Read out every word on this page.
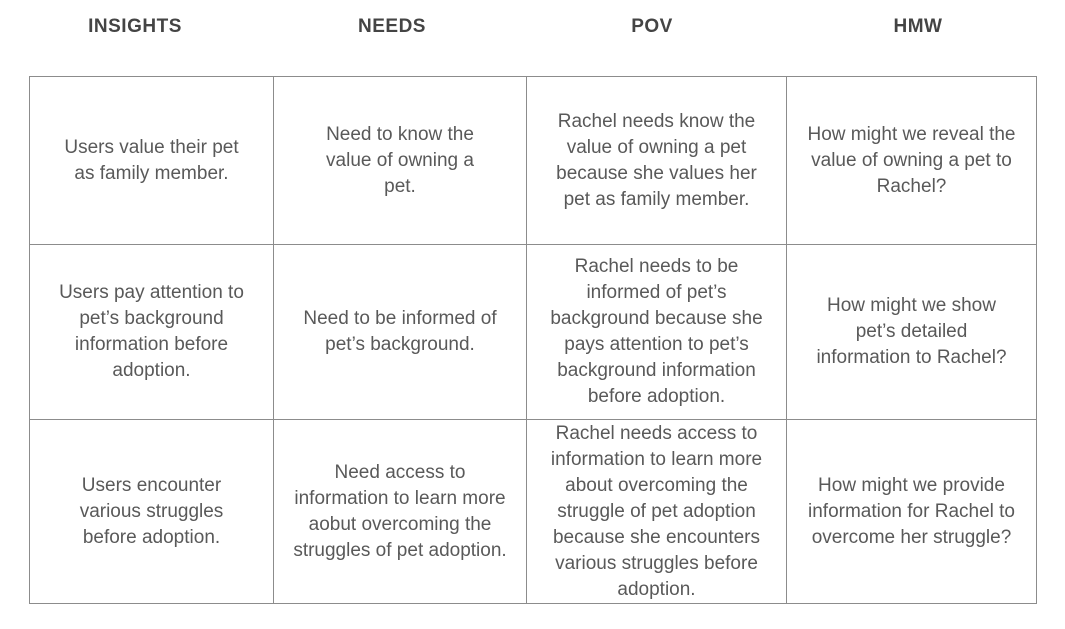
INSIGHTS	NEEDS	POV	HMW
Users value their pet as family member.	Need to know the value of owning a pet.	Rachel needs know the value of owning a pet because she values her pet as family member.	How might we reveal the value of owning a pet to Rachel?

Users pay attention to pet’s background information before adoption.	Need to be informed of pet’s background.	Rachel needs to be informed of pet’s background because she pays attention to pet’s background information before adoption.	How might we show pet’s detailed information to Rachel?

Users encounter various struggles before adoption.	Need access to information to learn more aobut overcoming the struggles of pet adoption.	Rachel needs access to information to learn more about overcoming the struggle of pet adoption because she encounters various struggles before adoption.	How might we provide information for Rachel to overcome her struggle?
